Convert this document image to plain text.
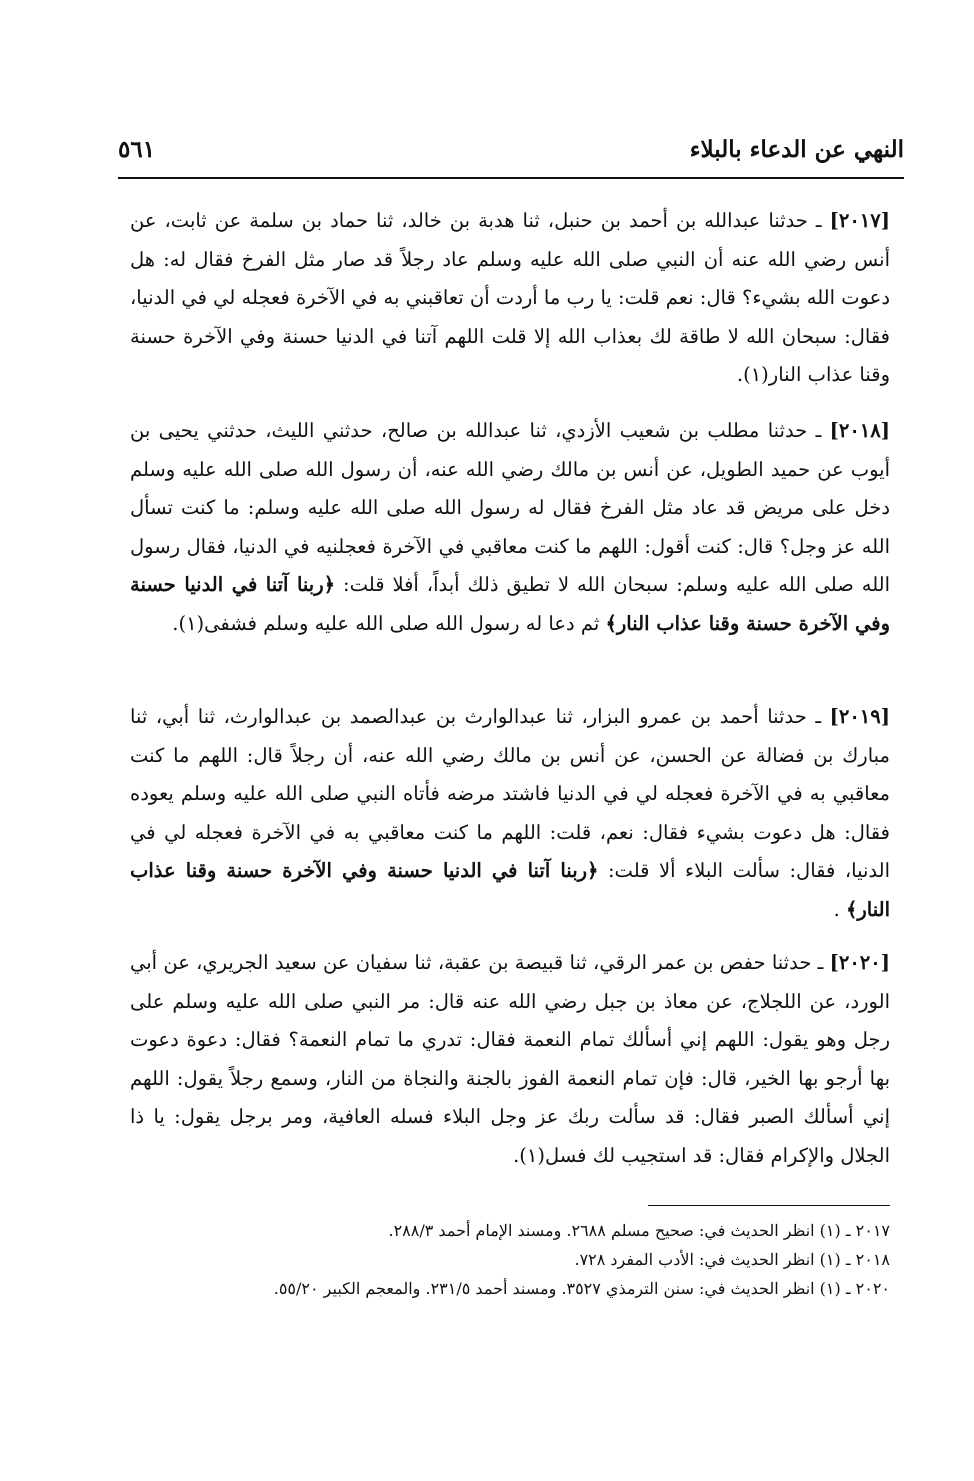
النهي عن الدعاء بالبلاء
٥٦١

[٢٠١٧] ـ حدثنا عبدالله بن أحمد بن حنبل، ثنا هدبة بن خالد، ثنا حماد بن سلمة عن ثابت، عن أنس رضي الله عنه أن النبي صلى الله عليه وسلم عاد رجلاً قد صار مثل الفرخ فقال له: هل دعوت الله بشيء؟ قال: نعم قلت: يا رب ما أردت أن تعاقبني به في الآخرة فعجله لي في الدنيا، فقال: سبحان الله لا طاقة لك بعذاب الله إلا قلت اللهم آتنا في الدنيا حسنة وفي الآخرة حسنة وقنا عذاب النار(١).

[٢٠١٨] ـ حدثنا مطلب بن شعيب الأزدي، ثنا عبدالله بن صالح، حدثني الليث، حدثني يحيى بن أيوب عن حميد الطويل، عن أنس بن مالك رضي الله عنه، أن رسول الله صلى الله عليه وسلم دخل على مريض قد عاد مثل الفرخ فقال له رسول الله صلى الله عليه وسلم: ما كنت تسأل الله عز وجل؟ قال: كنت أقول: اللهم ما كنت معاقبي في الآخرة فعجلنيه في الدنيا، فقال رسول الله صلى الله عليه وسلم: سبحان الله لا تطيق ذلك أبداً، أفلا قلت: ﴿ربنا آتنا في الدنيا حسنة وفي الآخرة حسنة وقنا عذاب النار﴾ ثم دعا له رسول الله صلى الله عليه وسلم فشفى(١).

[٢٠١٩] ـ حدثنا أحمد بن عمرو البزار، ثنا عبدالوارث بن عبدالصمد بن عبدالوارث، ثنا أبي، ثنا مبارك بن فضالة عن الحسن، عن أنس بن مالك رضي الله عنه، أن رجلاً قال: اللهم ما كنت معاقبي به في الآخرة فعجله لي في الدنيا فاشتد مرضه فأتاه النبي صلى الله عليه وسلم يعوده فقال: هل دعوت بشيء فقال: نعم، قلت: اللهم ما كنت معاقبي به في الآخرة فعجله لي في الدنيا، فقال: سألت البلاء ألا قلت: ﴿ربنا آتنا في الدنيا حسنة وفي الآخرة حسنة وقنا عذاب النار﴾ .

[٢٠٢٠] ـ حدثنا حفص بن عمر الرقي، ثنا قبيصة بن عقبة، ثنا سفيان عن سعيد الجريري، عن أبي الورد، عن اللجلاج، عن معاذ بن جبل رضي الله عنه قال: مر النبي صلى الله عليه وسلم على رجل وهو يقول: اللهم إني أسألك تمام النعمة فقال: تدري ما تمام النعمة؟ فقال: دعوة دعوت بها أرجو بها الخير، قال: فإن تمام النعمة الفوز بالجنة والنجاة من النار، وسمع رجلاً يقول: اللهم إني أسألك الصبر فقال: قد سألت ربك عز وجل البلاء فسله العافية، ومر برجل يقول: يا ذا الجلال والإكرام فقال: قد استجيب لك فسل(١).

٢٠١٧ ـ (١) انظر الحديث في: صحيح مسلم ٢٦٨٨. ومسند الإمام أحمد ٢٨٨/٣.
٢٠١٨ ـ (١) انظر الحديث في: الأدب المفرد ٧٢٨.
٢٠٢٠ ـ (١) انظر الحديث في: سنن الترمذي ٣٥٢٧. ومسند أحمد ٢٣١/٥. والمعجم الكبير ٥٥/٢٠.
